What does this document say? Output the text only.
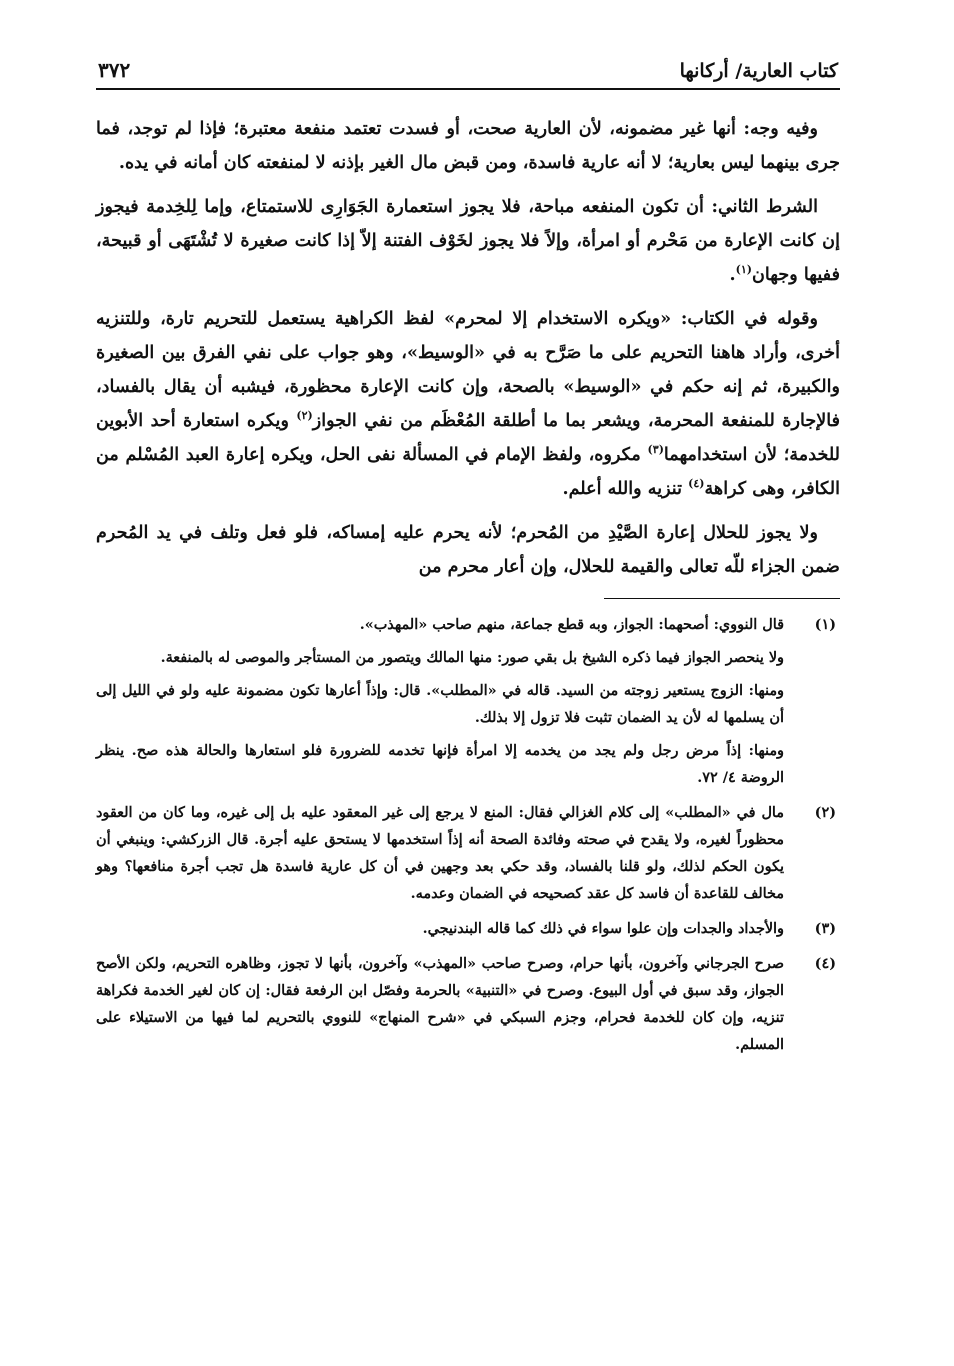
كتاب العارية/ أركانها
٣٧٢

وفيه وجه: أنها غير مضمونه، لأن العارية صحت، أو فسدت تعتمد منفعة معتبرة؛ فإذا لم توجد، فما جرى بينهما ليس بعارية؛ لا أنه عارية فاسدة، ومن قبض مال الغير بإذنه لا لمنفعته كان أمانه في يده.

الشرط الثاني: أن تكون المنفعه مباحة، فلا يجوز استعمارة الجَوَارِى للاستمتاع، وإما لِلخِدمة فيجوز إن كانت الإعارة من مَحْرم أو امرأة، وإلاً فلا يجوز لخَوْف الفتنة إلاّ إذا كانت صغيرة لا تُشْتَهَى أو قبيحة، ففيها وجهان$^{(١)}$.

وقوله في الكتاب: «ويكره الاستخدام إلا لمحرم» لفظ الكراهية يستعمل للتحريم تارة، وللتنزيه أخرى، وأراد هاهنا التحريم على ما صَرَّح به في «الوسيط»، وهو جواب على نفي الفرق بين الصغيرة والكبيرة، ثم إنه حكم في «الوسيط» بالصحة، وإن كانت الإعارة محظورة، فيشبه أن يقال بالفساد، فالإجارة للمنفعة المحرمة، ويشعر بما ما أطلقة المُعْظَم من نفي الجواز$^{(٢)}$ ويكره استعارة أحد الأبوين للخدمة؛ لأن استخدامهما$^{(٣)}$ مكروه، ولفظ الإمام في المسألة نفى الحل، ويكره إعارة العبد المُسْلم من الكافر، وهى كراهة$^{(٤)}$ تنزيه والله أعلم.

ولا يجوز للحلال إعارة الصَّيْدِ من المُحرم؛ لأنه يحرم عليه إمساكه، فلو فعل وتلف في يد المُحرم ضمن الجزاء للّه تعالى والقيمة للحلال، وإن أعار محرم من

(١)

قال النووي: أصحهما: الجواز، وبه قطع جماعة، منهم صاحب «المهذب».

ولا ينحصر الجواز فيما ذكره الشيخ بل بقي صور: منها المالك ويتصور من المستأجر والموصى له بالمنفعة.

ومنها: الزوج يستعير زوجته من السيد. قاله في «المطلب». قال: وإذاً أعارها تكون مضمونة عليه ولو في الليل إلى أن يسلمها له لأن يد الضمان تثبت فلا تزول إلا بذلك.

ومنها: إذاً مرض رجل ولم يجد من يخدمه إلا امرأة فإنها تخدمه للضرورة فلو استعارها والحالة هذه صح. ينظر الروضة ٤/ ٧٢.

(٢)

مال في «المطلب» إلى كلام الغزالي فقال: المنع لا يرجع إلى غير المعقود عليه بل إلى غيره، وما كان من العقود محظوراً لغيره، ولا يقدح في صحته وفائدة الصحة أنه إذاً استخدمها لا يستحق عليه أجرة. قال الزركشي: وينبغي أن يكون الحكم لذلك، ولو قلنا بالفساد، وقد حكي بعد وجهين في أن كل عارية فاسدة هل تجب أجرة منافعها؟ وهو مخالف للقاعدة أن فاسد كل عقد كصحيحه في الضمان وعدمه.

(٣)

والأجداد والجدات وإن علوا سواء في ذلك كما قاله البندنيجي.

(٤)

صرح الجرجاني وآخرون، بأنها حرام، وصرح صاحب «المهذب» وآخرون، بأنها لا تجوز، وظاهره التحريم، ولكن الأصح الجواز، وقد سبق في أول البيوع. وصرح في «التنبية» بالحرمة وفصّل ابن الرفعة فقال: إن كان لغير الخدمة فكراهة تنزيه، وإن كان للخدمة فحرام، وجزم السبكي في «شرح المنهاج» للنووي بالتحريم لما فيها من الاستيلاء على المسلم.
